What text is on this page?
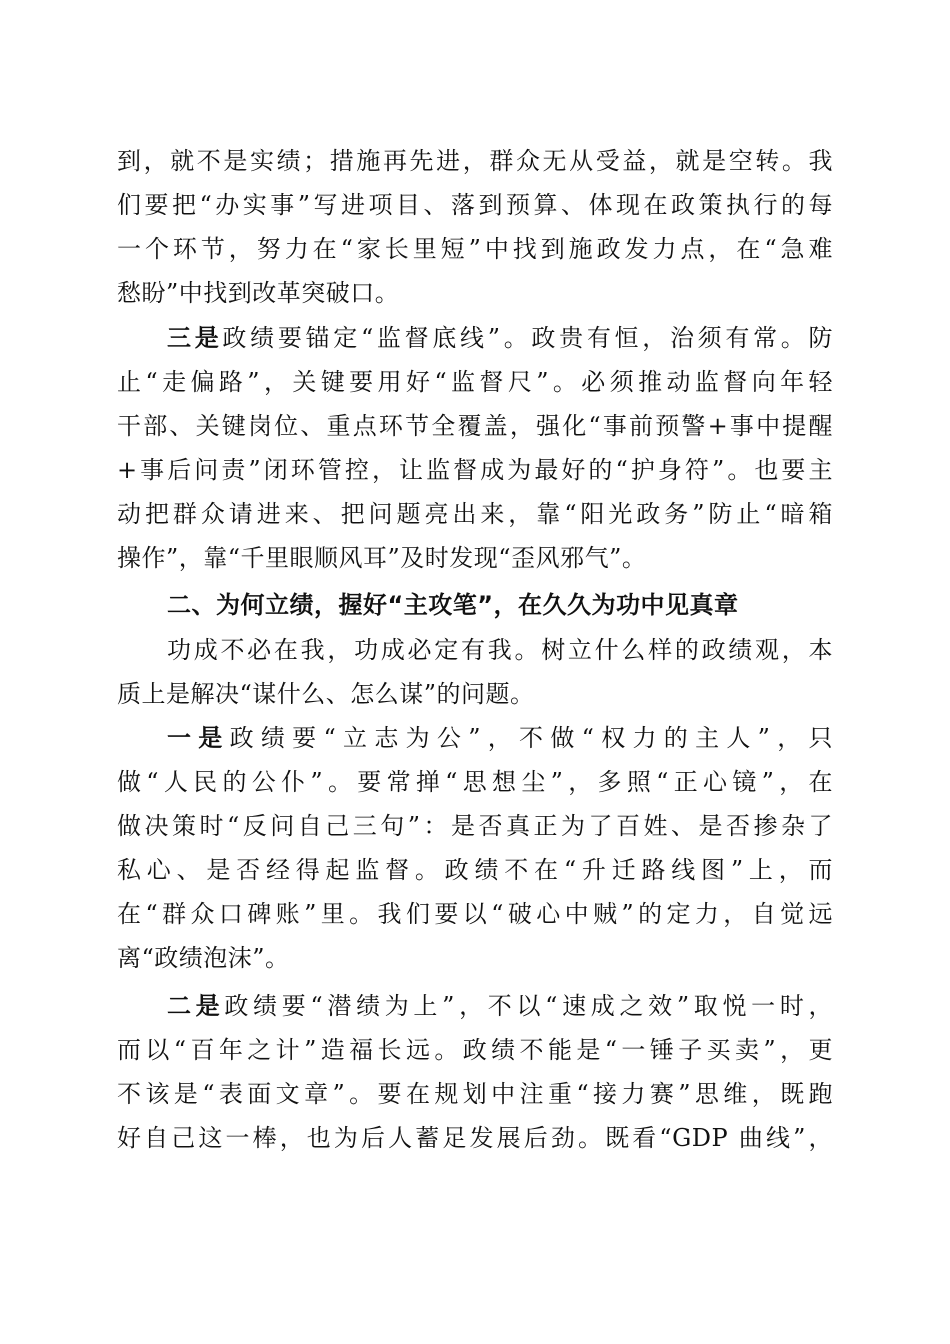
到，就不是实绩；措施再先进，群众无从受益，就是空转。我
们要把“办实事”写进项目、落到预算、体现在政策执行的每
一个环节，努力在“家长里短”中找到施政发力点，在“急难
愁盼”中找到改革突破口。
三是政绩要锚定“监督底线”。政贵有恒，治须有常。防
止“走偏路”，关键要用好“监督尺”。必须推动监督向年轻
干部、关键岗位、重点环节全覆盖，强化“事前预警+事中提醒
+事后问责”闭环管控，让监督成为最好的“护身符”。也要主
动把群众请进来、把问题亮出来，靠“阳光政务”防止“暗箱
操作”，靠“千里眼顺风耳”及时发现“歪风邪气”。
二、为何立绩，握好“主攻笔”，在久久为功中见真章
功成不必在我，功成必定有我。树立什么样的政绩观，本
质上是解决“谋什么、怎么谋”的问题。
一是政绩要“立志为公”，不做“权力的主人”，只
做“人民的公仆”。要常掸“思想尘”，多照“正心镜”，在
做决策时“反问自己三句”：是否真正为了百姓、是否掺杂了
私心、是否经得起监督。政绩不在“升迁路线图”上，而
在“群众口碑账”里。我们要以“破心中贼”的定力，自觉远
离“政绩泡沫”。
二是政绩要“潜绩为上”，不以“速成之效”取悦一时，
而以“百年之计”造福长远。政绩不能是“一锤子买卖”，更
不该是“表面文章”。要在规划中注重“接力赛”思维，既跑
好自己这一棒，也为后人蓄足发展后劲。既看“GDP 曲线”，
